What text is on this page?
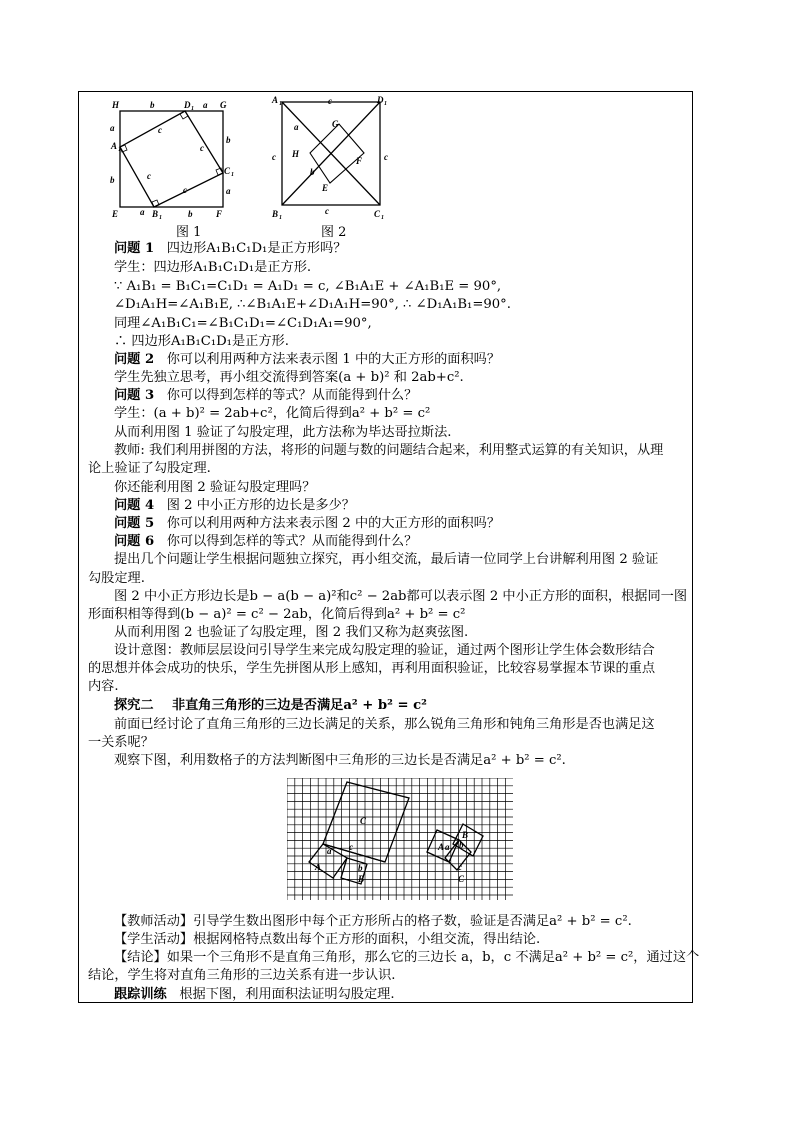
H	b	D 1 a G
a
A 1
b
b
C 1
a
E a B 1	b	F
c
c
c
c
图 1
A 1	c	D 1
c	c
a	G
H
F
b
E
B 1
c	C 1
图 2
问题 1 四边形A₁B₁C₁D₁是正方形吗？
学生：四边形A₁B₁C₁D₁是正方形.
∵ A₁B₁ = B₁C₁=C₁D₁ = A₁D₁ = c, ∠B₁A₁E + ∠A₁B₁E = 90°,
∠D₁A₁H=∠A₁B₁E, ∴∠B₁A₁E+∠D₁A₁H=90°, ∴ ∠D₁A₁B₁=90°.
同理∠A₁B₁C₁=∠B₁C₁D₁=∠C₁D₁A₁=90°,
∴ 四边形A₁B₁C₁D₁是正方形.
问题 2 你可以利用两种方法来表示图 1 中的大正方形的面积吗？
学生先独立思考，再小组交流得到答案(a + b)² 和 2ab+c².
问题 3 你可以得到怎样的等式？从而能得到什么？
学生：(a + b)² = 2ab+c²，化简后得到a² + b² = c²
从而利用图 1 验证了勾股定理，此方法称为毕达哥拉斯法.
教师: 我们利用拼图的方法，将形的问题与数的问题结合起来，利用整式运算的有关知识，从理
论上验证了勾股定理.
你还能利用图 2 验证勾股定理吗？
问题 4 图 2 中小正方形的边长是多少？
问题 5 你可以利用两种方法来表示图 2 中的大正方形的面积吗？
问题 6 你可以得到怎样的等式？从而能得到什么？
提出几个问题让学生根据问题独立探究，再小组交流，最后请一位同学上台讲解利用图 2 验证
勾股定理.
图 2 中小正方形边长是b − a(b − a)²和c² − 2ab都可以表示图 2 中小正方形的面积，根据同一图
形面积相等得到(b − a)² = c² − 2ab，化简后得到a² + b² = c²
从而利用图 2 也验证了勾股定理，图 2 我们又称为赵爽弦图.
设计意图：教师层层设问引导学生来完成勾股定理的验证，通过两个图形让学生体会数形结合
的思想并体会成功的快乐，学生先拼图从形上感知，再利用面积验证，比较容易掌握本节课的重点
内容.
探究二 非直角三角形的三边是否满足a² + b² = c²
前面已经讨论了直角三角形的三边长满足的关系，那么锐角三角形和钝角三角形是否也满足这
一关系呢？
观察下图，利用数格子的方法判断图中三角形的三边长是否满足a² + b² = c².
C
c
a
A	b
B
A a
B
b
c
C
【教师活动】引导学生数出图形中每个正方形所占的格子数，验证是否满足a² + b² = c².
【学生活动】根据网格特点数出每个正方形的面积，小组交流，得出结论.
【结论】如果一个三角形不是直角三角形，那么它的三边长 a，b，c 不满足a² + b² = c²，通过这个
结论，学生将对直角三角形的三边关系有进一步认识.
跟踪训练 根据下图，利用面积法证明勾股定理.
